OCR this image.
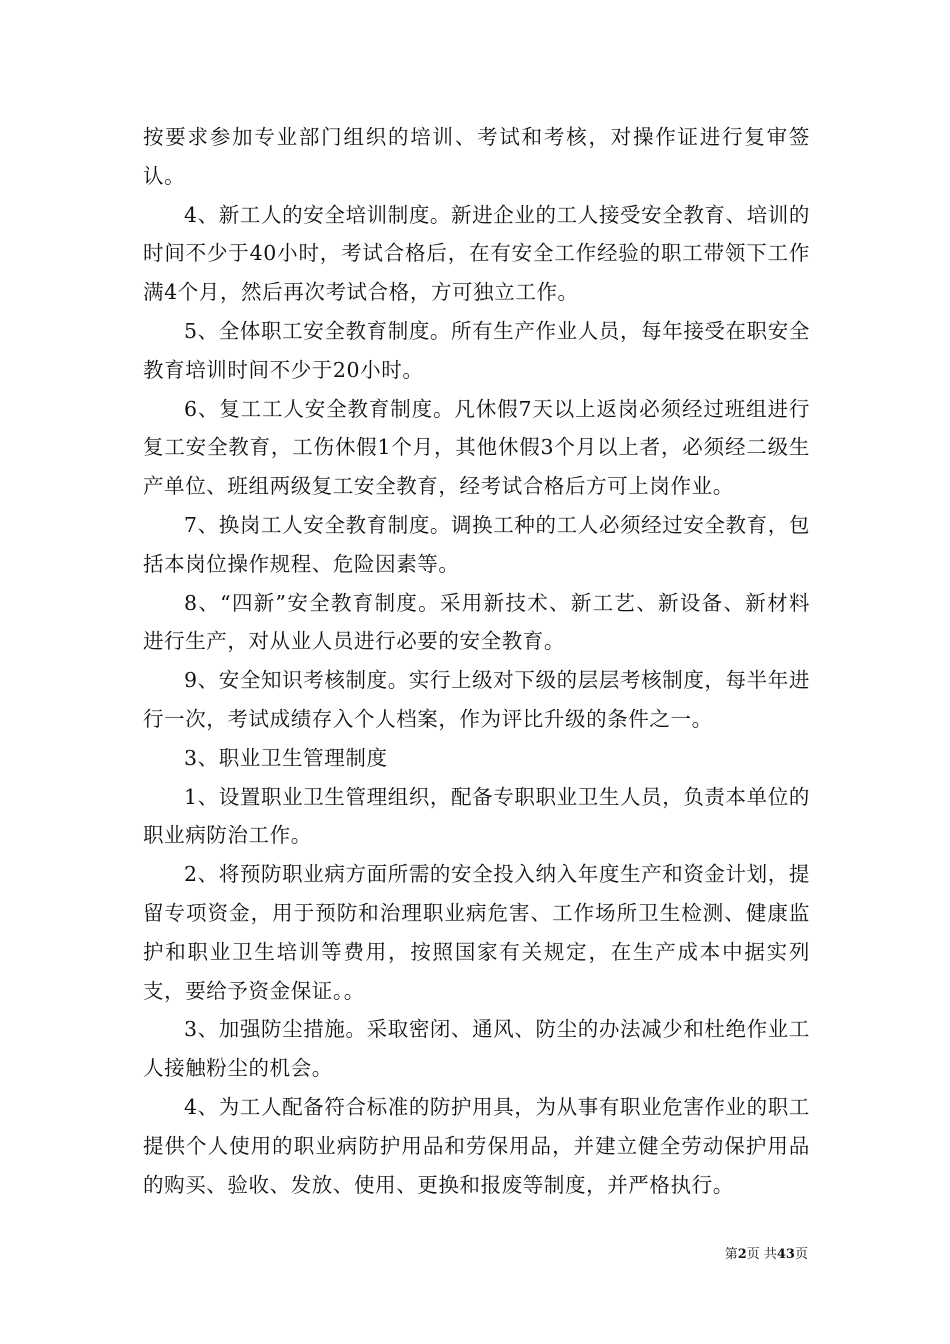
按要求参加专业部门组织的培训、考试和考核，对操作证进行复审签认。

4、新工人的安全培训制度。新进企业的工人接受安全教育、培训的时间不少于40小时，考试合格后，在有安全工作经验的职工带领下工作满4个月，然后再次考试合格，方可独立工作。

5、全体职工安全教育制度。所有生产作业人员，每年接受在职安全教育培训时间不少于20小时。

6、复工工人安全教育制度。凡休假7天以上返岗必须经过班组进行复工安全教育，工伤休假1个月，其他休假3个月以上者，必须经二级生产单位、班组两级复工安全教育，经考试合格后方可上岗作业。

7、换岗工人安全教育制度。调换工种的工人必须经过安全教育，包括本岗位操作规程、危险因素等。

8、“四新”安全教育制度。采用新技术、新工艺、新设备、新材料进行生产，对从业人员进行必要的安全教育。

9、安全知识考核制度。实行上级对下级的层层考核制度，每半年进行一次，考试成绩存入个人档案，作为评比升级的条件之一。

3、职业卫生管理制度

1、设置职业卫生管理组织，配备专职职业卫生人员，负责本单位的职业病防治工作。

2、将预防职业病方面所需的安全投入纳入年度生产和资金计划，提留专项资金，用于预防和治理职业病危害、工作场所卫生检测、健康监护和职业卫生培训等费用，按照国家有关规定，在生产成本中据实列支，要给予资金保证。。

3、加强防尘措施。采取密闭、通风、防尘的办法减少和杜绝作业工人接触粉尘的机会。

4、为工人配备符合标准的防护用具，为从事有职业危害作业的职工提供个人使用的职业病防护用品和劳保用品，并建立健全劳动保护用品的购买、验收、发放、使用、更换和报废等制度，并严格执行。

第2页 共43页
